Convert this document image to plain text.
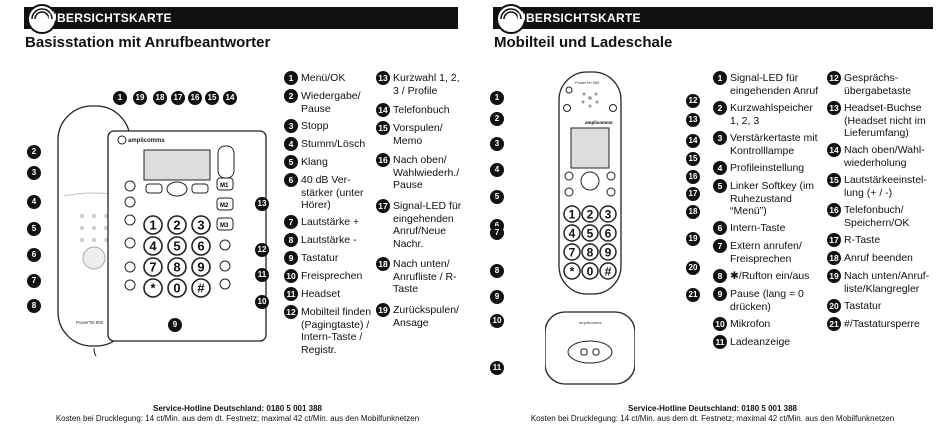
ÜBERSICHTSKARTE
Basisstation mit Anrufbeantworter
PowerTel 980
amplicomms
M1
M2
M3
1 2 3
4 5 6
7 8 9
* 0 #
1 Menü/OK
2 Wiedergabe/ Pause
3 Stopp
4 Stumm/Lösch
5 Klang
6 40 dB Ver- stärker (unter Hörer)
7 Lautstärke +
8 Lautstärke -
9 Tastatur
10 Freisprechen
11 Headset
12 Mobilteil finden (Pagingtaste) / Intern-Taste / Registr.
13 Kurzwahl 1, 2, 3 / Profile
14 Telefonbuch
15 Vorspulen/ Memo
16 Nach oben/ Wahlwiederh./ Pause
17 Signal-LED für eingehenden Anruf/Neue Nachr.
18 Nach unten/ Anrufliste / R-Taste
19 Zurückspulen/ Ansage
Service-Hotline Deutschland: 0180 5 001 388
Kosten bei Drucklegung: 14 ct/Min. aus dem dt. Festnetz; maximal 42 ct/Min. aus den Mobilfunknetzen
ÜBERSICHTSKARTE
Mobilteil und Ladeschale
PowerTel 980
amplicomms
1 2 3
4 5 6
7 8 9
* 0 #
amplicomms
1 Signal-LED für eingehenden Anruf
2 Kurzwahlspeicher 1, 2, 3
3 Verstärkertaste mit Kontrolllampe
4 Profileinstellung
5 Linker Softkey (im Ruhezustand “Menü”)
6 Intern-Taste
7 Extern anrufen/ Freisprechen
8 ✱/Rufton ein/aus
9 Pause (lang = 0 drücken)
10 Mikrofon
11 Ladeanzeige
12 Gesprächs- übergabetaste
13 Headset-Buchse (Headset nicht im Lieferumfang)
14 Nach oben/Wahl- wiederholung
15 Lautstärkeeinstel- lung (+ / -)
16 Telefonbuch/ Speichern/OK
17 R-Taste
18 Anruf beenden
19 Nach unten/Anruf- liste/Klangregler
20 Tastatur
21 #/Tastatursperre
Service-Hotline Deutschland: 0180 5 001 388
Kosten bei Drucklegung: 14 ct/Min. aus dem dt. Festnetz; maximal 42 ct/Min. aus den Mobilfunknetzen
1	19	18	17	16	15	14
2
3
4
5
6
7
8
9
10
11
12
13
1
2
3
4
5
7
8
9
10
11
12
13
14
15
16
17
18
19
20
21
